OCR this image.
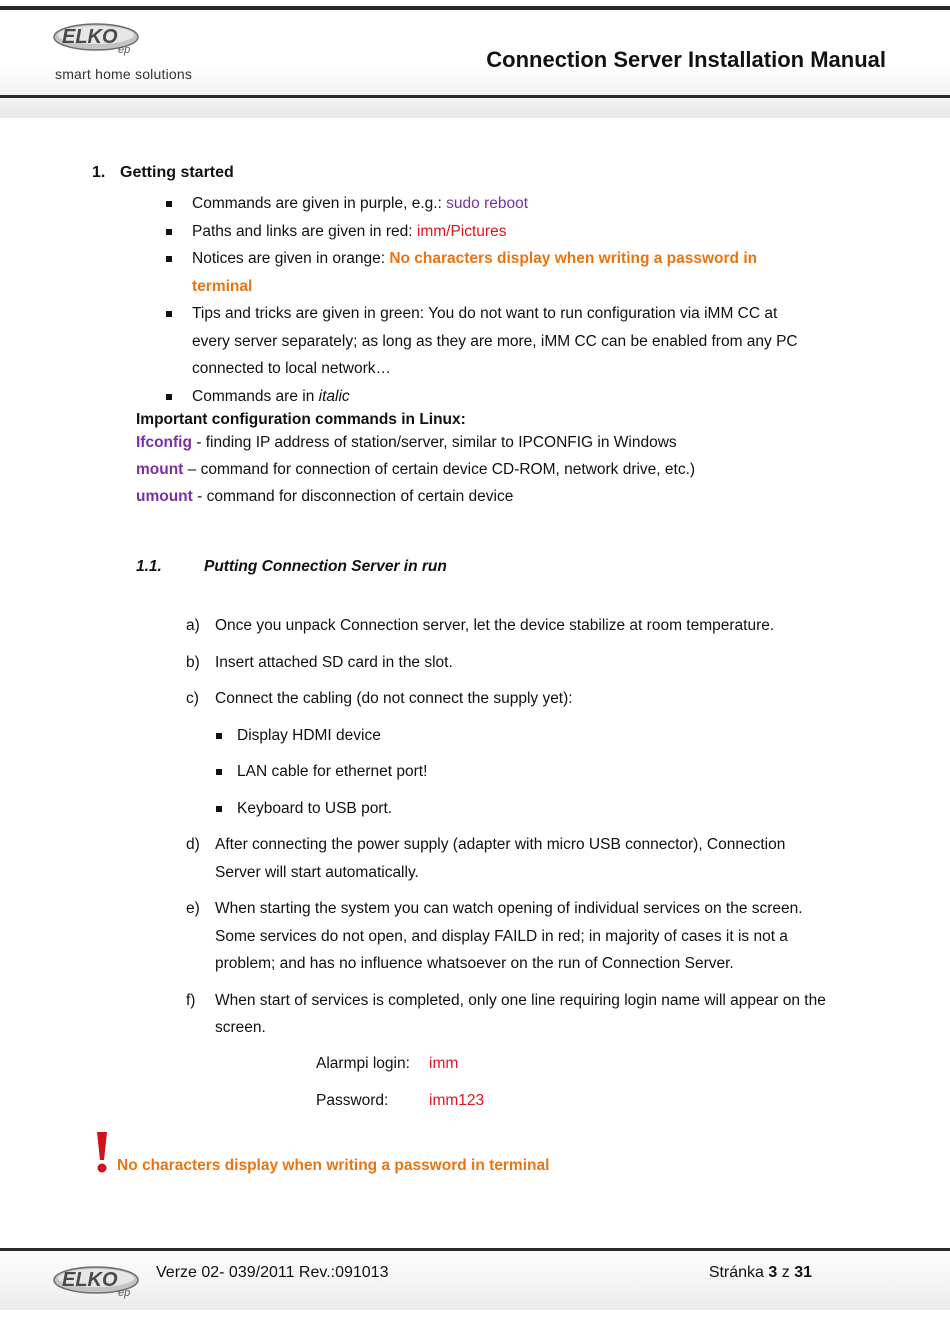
ELKO
ep
smart home solutions
Connection Server Installation Manual
1. Getting started
Commands are given in purple, e.g.: sudo reboot
Paths and links are given in red: imm/Pictures
Notices are given in orange: No characters display when writing a password in terminal
Tips and tricks are given in green: You do not want to run configuration via iMM CC at every server separately; as long as they are more, iMM CC can be enabled from any PC connected to local network…
Commands are in italic
Important configuration commands in Linux:
Ifconfig - finding IP address of station/server, similar to IPCONFIG in Windows
mount – command for connection of certain device CD-ROM, network drive, etc.)
umount - command for disconnection of certain device
1.1.	Putting Connection Server in run
a) Once you unpack Connection server, let the device stabilize at room temperature.
b) Insert attached SD card in the slot.
c)	Connect the cabling (do not connect the supply yet):
Display HDMI device
LAN cable for ethernet port!
Keyboard to USB port.
d) After connecting the power supply (adapter with micro USB connector), Connection Server will start automatically.
e) When starting the system you can watch opening of individual services on the screen. Some services do not open, and display FAILD in red; in majority of cases it is not a problem; and has no influence whatsoever on the run of Connection Server.
f)	When start of services is completed, only one line requiring login name will appear on the screen.
Alarmpi login: imm
Password:	imm123
No characters display when writing a password in terminal
ELKO
ep
Verze 02- 039/2011 Rev.:091013	Stránka 3 z 31
